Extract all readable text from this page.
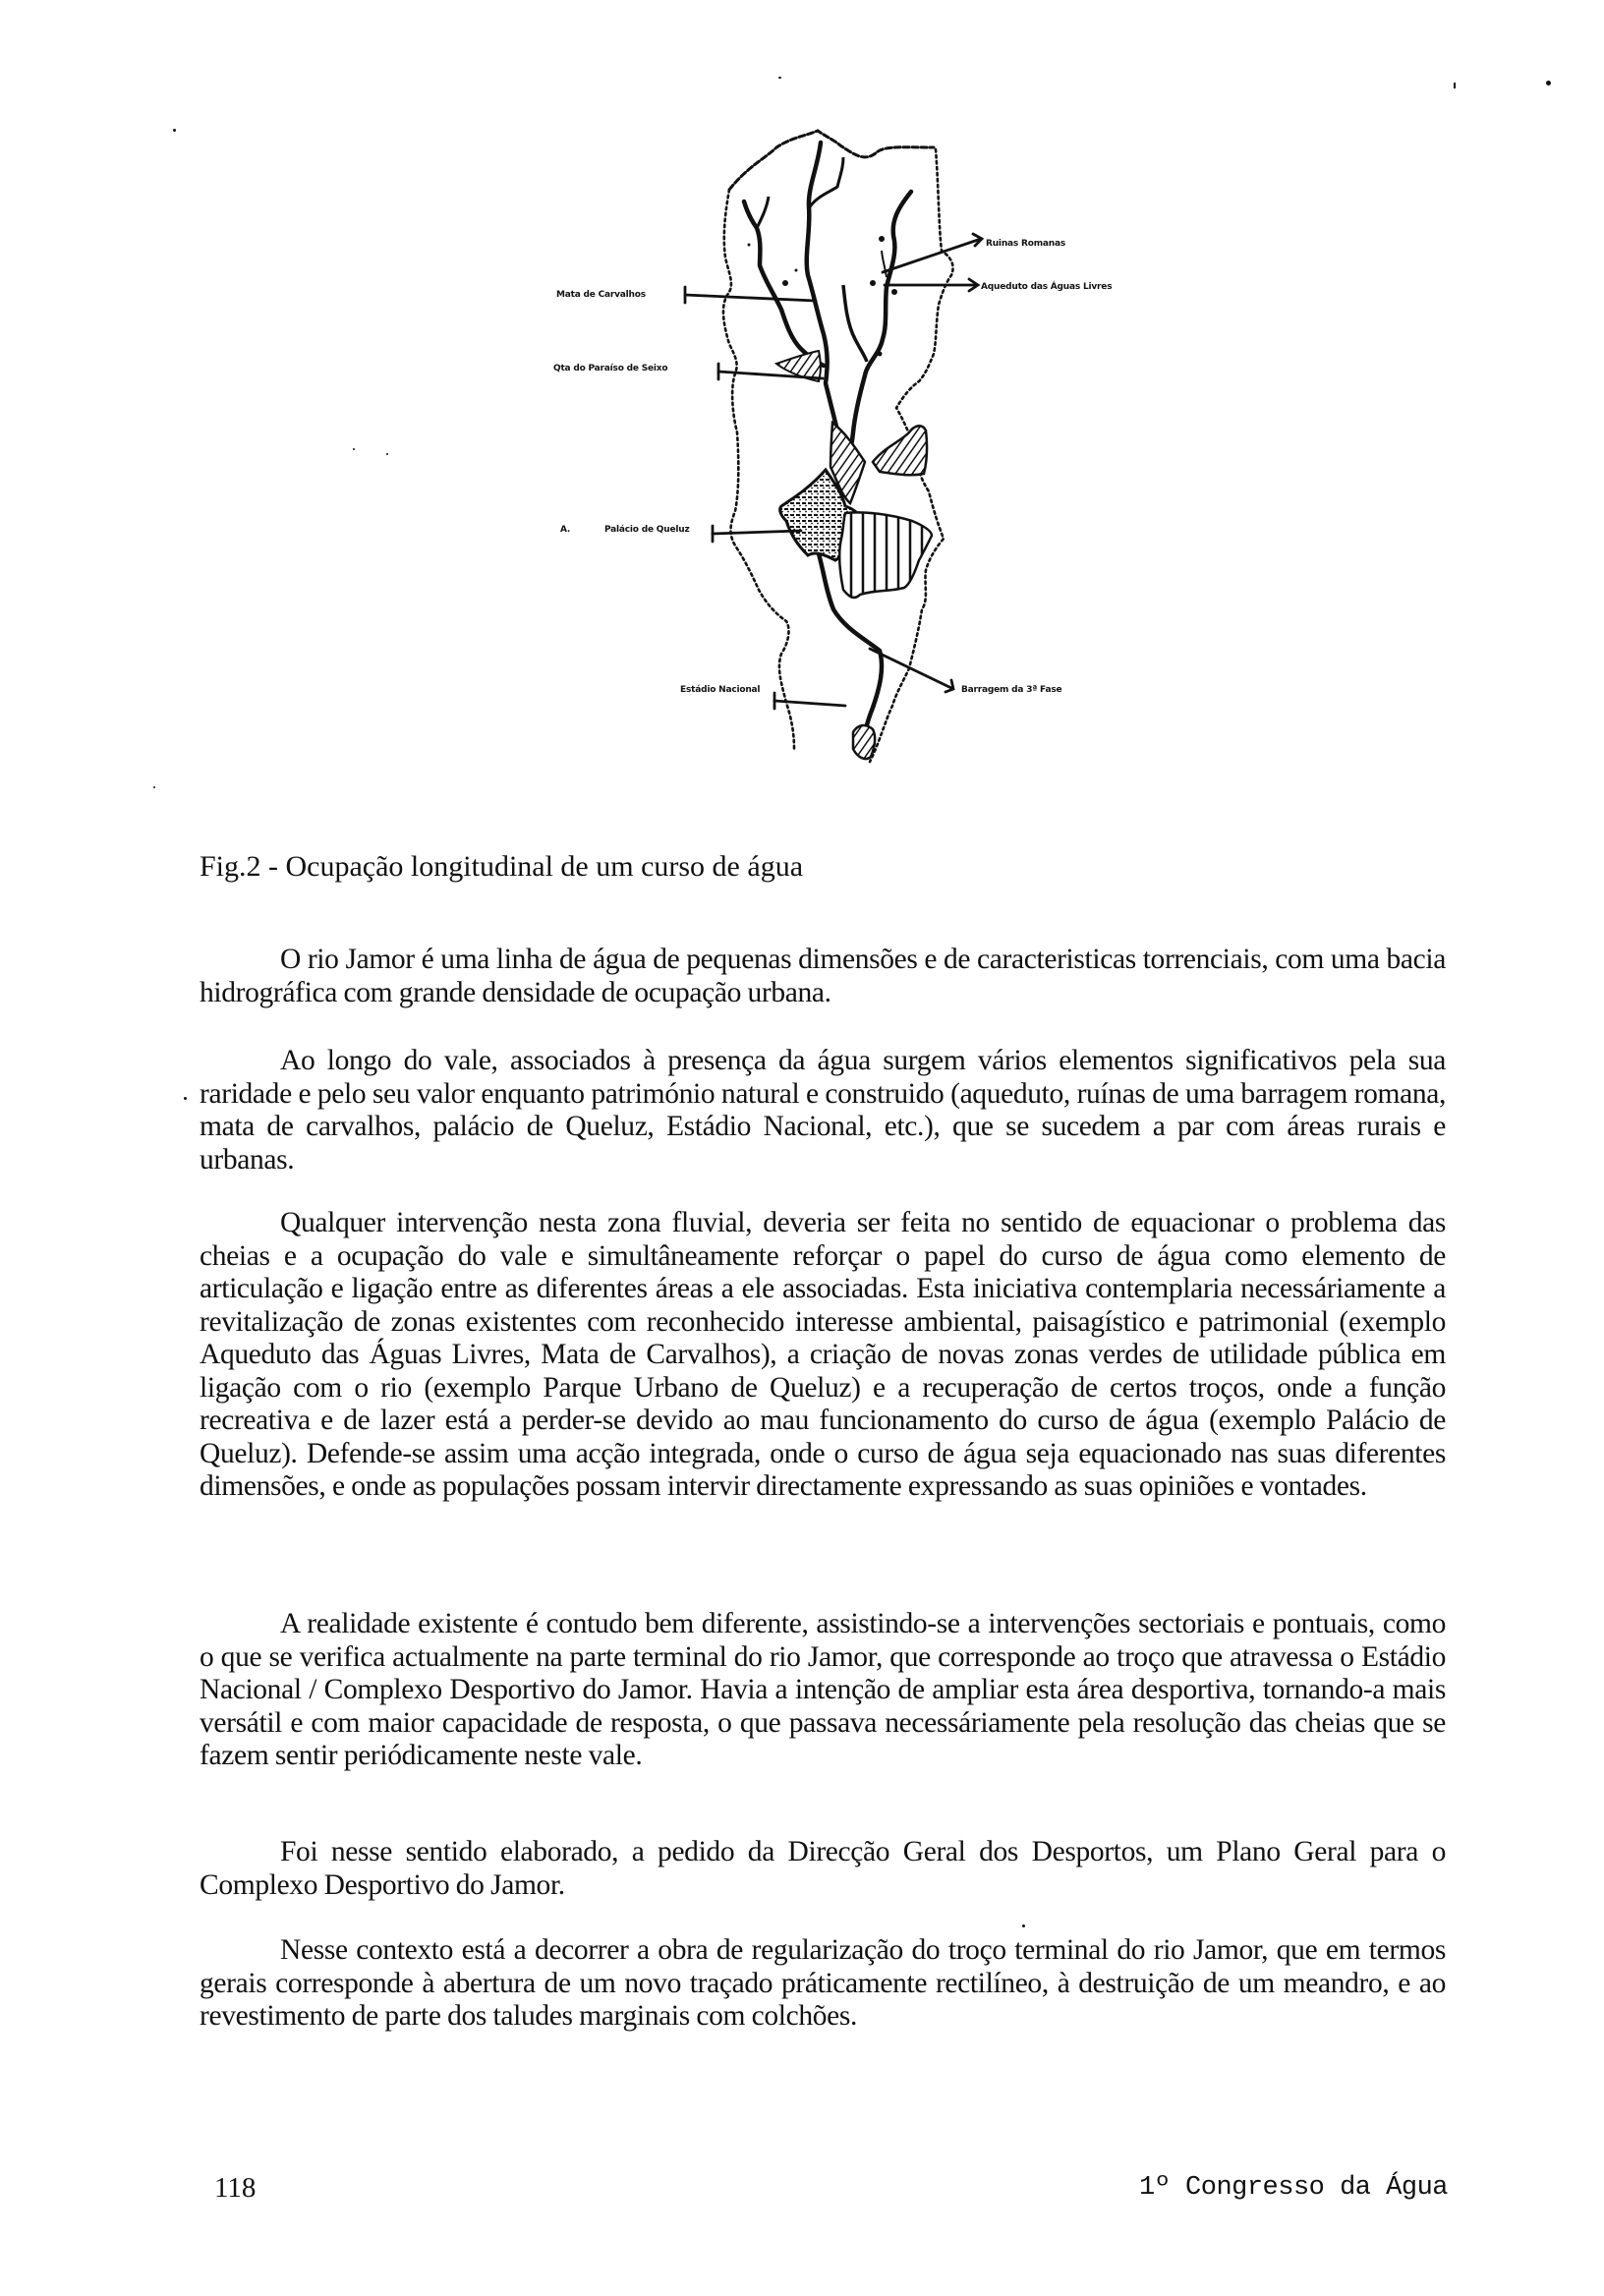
Ruinas Romanas
Aqueduto das Águas Livres
Mata de Carvalhos
Qta do Paraíso de Seixo
A.	Palácio de Queluz
Estádio Nacional	Barragem da 3ª Fase
Fig.2 - Ocupação longitudinal de um curso de água

O rio Jamor é uma linha de água de pequenas dimensões e de caracteristicas torrenciais, com uma bacia hidrográfica com grande densidade de ocupação urbana.

Ao longo do vale, associados à presença da água surgem vários elementos significativos pela sua raridade e pelo seu valor enquanto património natural e construido (aqueduto, ruínas de uma barragem romana, mata de carvalhos, palácio de Queluz, Estádio Nacional, etc.), que se sucedem a par com áreas rurais e urbanas.

Qualquer intervenção nesta zona fluvial, deveria ser feita no sentido de equacionar o problema das cheias e a ocupação do vale e simultâneamente reforçar o papel do curso de água como elemento de articulação e ligação entre as diferentes áreas a ele associadas. Esta iniciativa contemplaria necessáriamente a revitalização de zonas existentes com reconhecido interesse ambiental, paisagístico e patrimonial (exemplo Aqueduto das Águas Livres, Mata de Carvalhos), a criação de novas zonas verdes de utilidade pública em ligação com o rio (exemplo Parque Urbano de Queluz) e a recuperação de certos troços, onde a função recreativa e de lazer está a perder-se devido ao mau funcionamento do curso de água (exemplo Palácio de Queluz). Defende-se assim uma acção integrada, onde o curso de água seja equacionado nas suas diferentes dimensões, e onde as populações possam intervir directamente expressando as suas opiniões e vontades.

A realidade existente é contudo bem diferente, assistindo-se a intervenções sectoriais e pontuais, como o que se verifica actualmente na parte terminal do rio Jamor, que corresponde ao troço que atravessa o Estádio Nacional / Complexo Desportivo do Jamor. Havia a intenção de ampliar esta área desportiva, tornando-a mais versátil e com maior capacidade de resposta, o que passava necessáriamente pela resolução das cheias que se fazem sentir periódicamente neste vale.

Foi nesse sentido elaborado, a pedido da Direcção Geral dos Desportos, um Plano Geral para o Complexo Desportivo do Jamor.

Nesse contexto está a decorrer a obra de regularização do troço terminal do rio Jamor, que em termos gerais corresponde à abertura de um novo traçado práticamente rectilíneo, à destruição de um meandro, e ao revestimento de parte dos taludes marginais com colchões.

118	1º Congresso da Água
